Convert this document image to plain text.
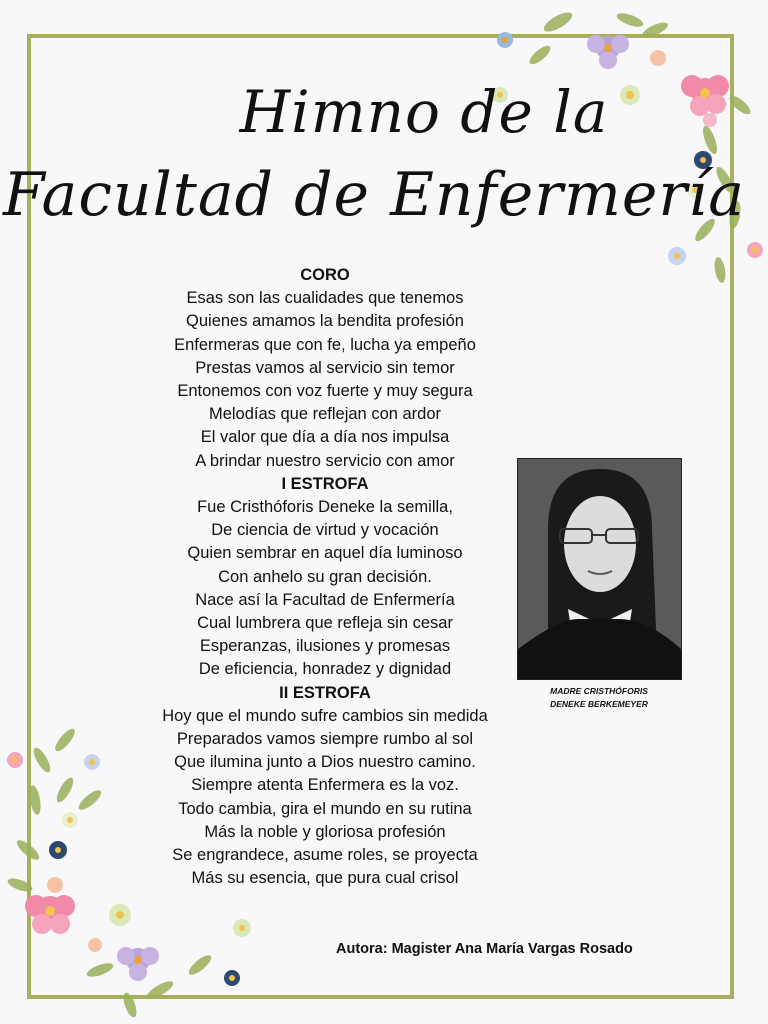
Himno de la
Facultad de Enfermería
CORO
Esas son las cualidades que tenemos
Quienes amamos la bendita profesión
Enfermeras que con fe, lucha ya empeño
Prestas vamos al servicio sin temor
Entonemos con voz fuerte y muy segura
Melodías que reflejan con ardor
El valor que día a día nos impulsa
A brindar nuestro servicio con amor
I ESTROFA
Fue Cristhóforis Deneke la semilla,
De ciencia de virtud y vocación
Quien sembrar en aquel día luminoso
Con anhelo su gran decisión.
Nace así la Facultad de Enfermería
Cual lumbrera que refleja sin cesar
Esperanzas, ilusiones y promesas
De eficiencia, honradez y dignidad
II ESTROFA
Hoy que el mundo sufre cambios sin medida
Preparados vamos siempre rumbo al sol
Que ilumina junto a Dios nuestro camino.
Siempre atenta Enfermera es la voz.
Todo cambia, gira el mundo en su rutina
Más la noble y gloriosa profesión
Se engrandece, asume roles, se proyecta
Más su esencia, que pura cual crisol
MADRE CRISTHÓFORIS
DENEKE BERKEMEYER
Autora: Magister Ana María Vargas Rosado
